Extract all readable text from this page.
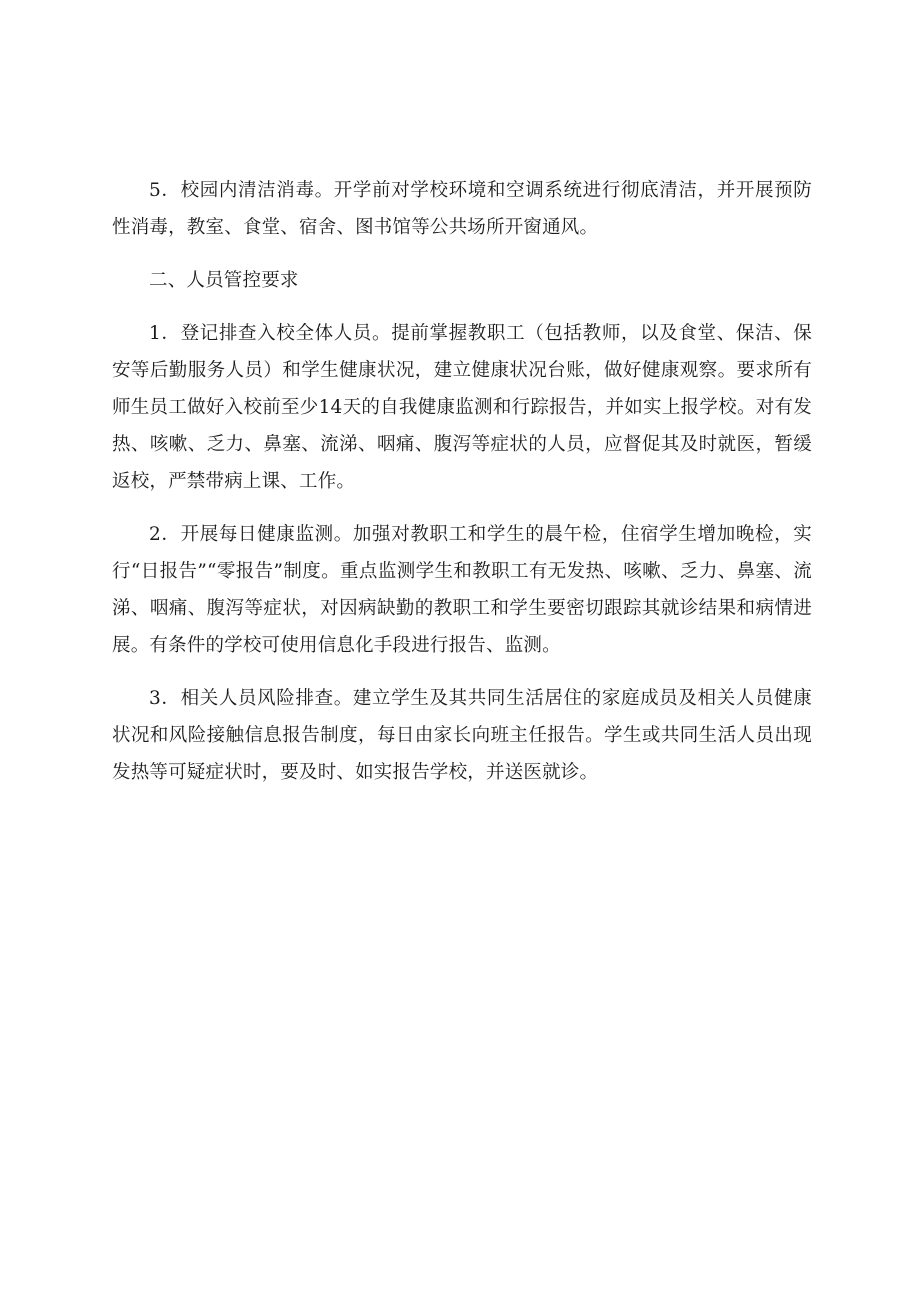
5．校园内清洁消毒。开学前对学校环境和空调系统进行彻底清洁，并开展预防性消毒，教室、食堂、宿舍、图书馆等公共场所开窗通风。

二、人员管控要求

1．登记排查入校全体人员。提前掌握教职工（包括教师，以及食堂、保洁、保安等后勤服务人员）和学生健康状况，建立健康状况台账，做好健康观察。要求所有师生员工做好入校前至少14天的自我健康监测和行踪报告，并如实上报学校。对有发热、咳嗽、乏力、鼻塞、流涕、咽痛、腹泻等症状的人员，应督促其及时就医，暂缓返校，严禁带病上课、工作。

2．开展每日健康监测。加强对教职工和学生的晨午检，住宿学生增加晚检，实行“日报告”“零报告”制度。重点监测学生和教职工有无发热、咳嗽、乏力、鼻塞、流涕、咽痛、腹泻等症状，对因病缺勤的教职工和学生要密切跟踪其就诊结果和病情进展。有条件的学校可使用信息化手段进行报告、监测。

3．相关人员风险排查。建立学生及其共同生活居住的家庭成员及相关人员健康状况和风险接触信息报告制度，每日由家长向班主任报告。学生或共同生活人员出现发热等可疑症状时，要及时、如实报告学校，并送医就诊。
